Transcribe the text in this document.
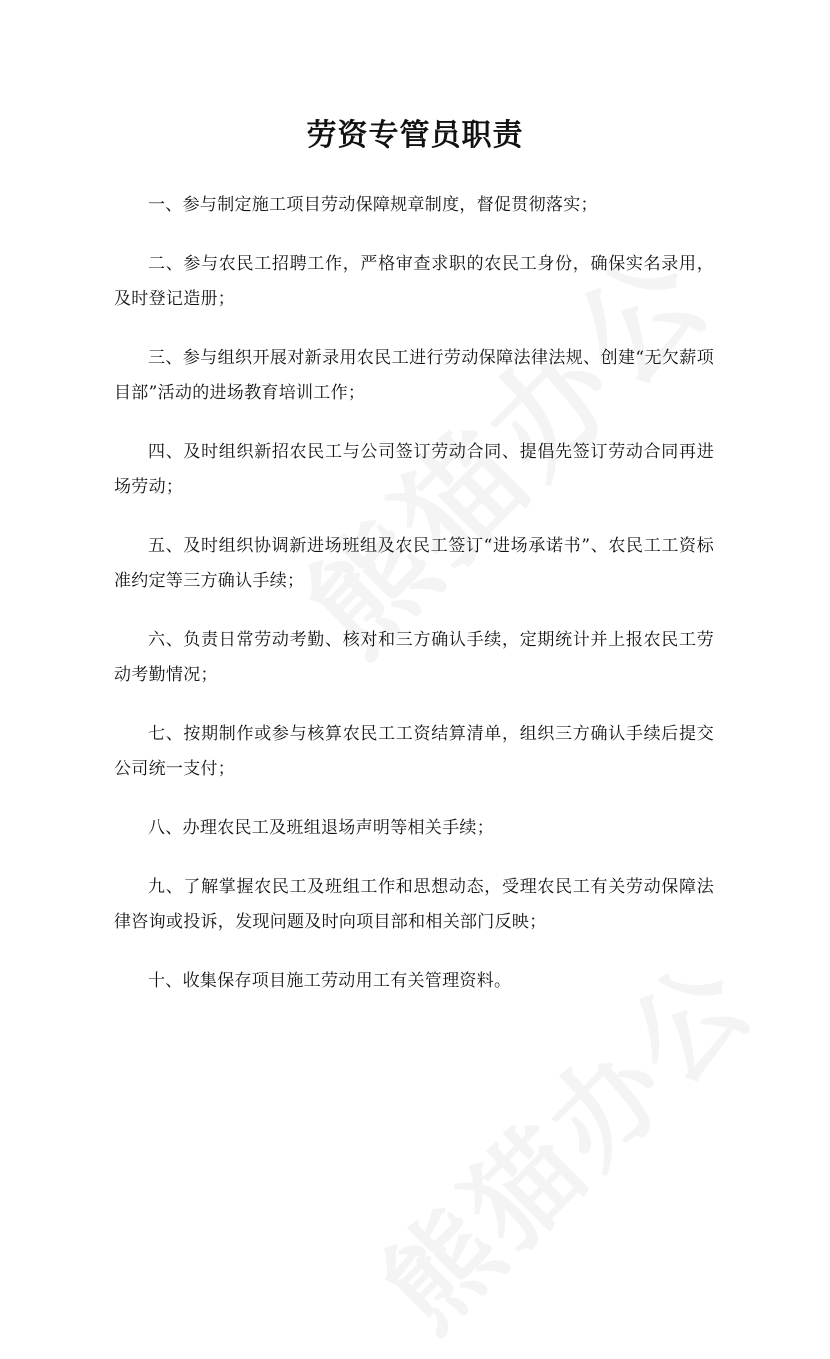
劳资专管员职责
一、参与制定施工项目劳动保障规章制度，督促贯彻落实；
二、参与农民工招聘工作，严格审查求职的农民工身份，确保实名录用，及时登记造册；
三、参与组织开展对新录用农民工进行劳动保障法律法规、创建“无欠薪项目部”活动的进场教育培训工作；
四、及时组织新招农民工与公司签订劳动合同、提倡先签订劳动合同再进场劳动；
五、及时组织协调新进场班组及农民工签订“进场承诺书”、农民工工资标准约定等三方确认手续；
六、负责日常劳动考勤、核对和三方确认手续，定期统计并上报农民工劳动考勤情况；
七、按期制作或参与核算农民工工资结算清单，组织三方确认手续后提交公司统一支付；
八、办理农民工及班组退场声明等相关手续；
九、了解掌握农民工及班组工作和思想动态，受理农民工有关劳动保障法律咨询或投诉，发现问题及时向项目部和相关部门反映；
十、收集保存项目施工劳动用工有关管理资料。
